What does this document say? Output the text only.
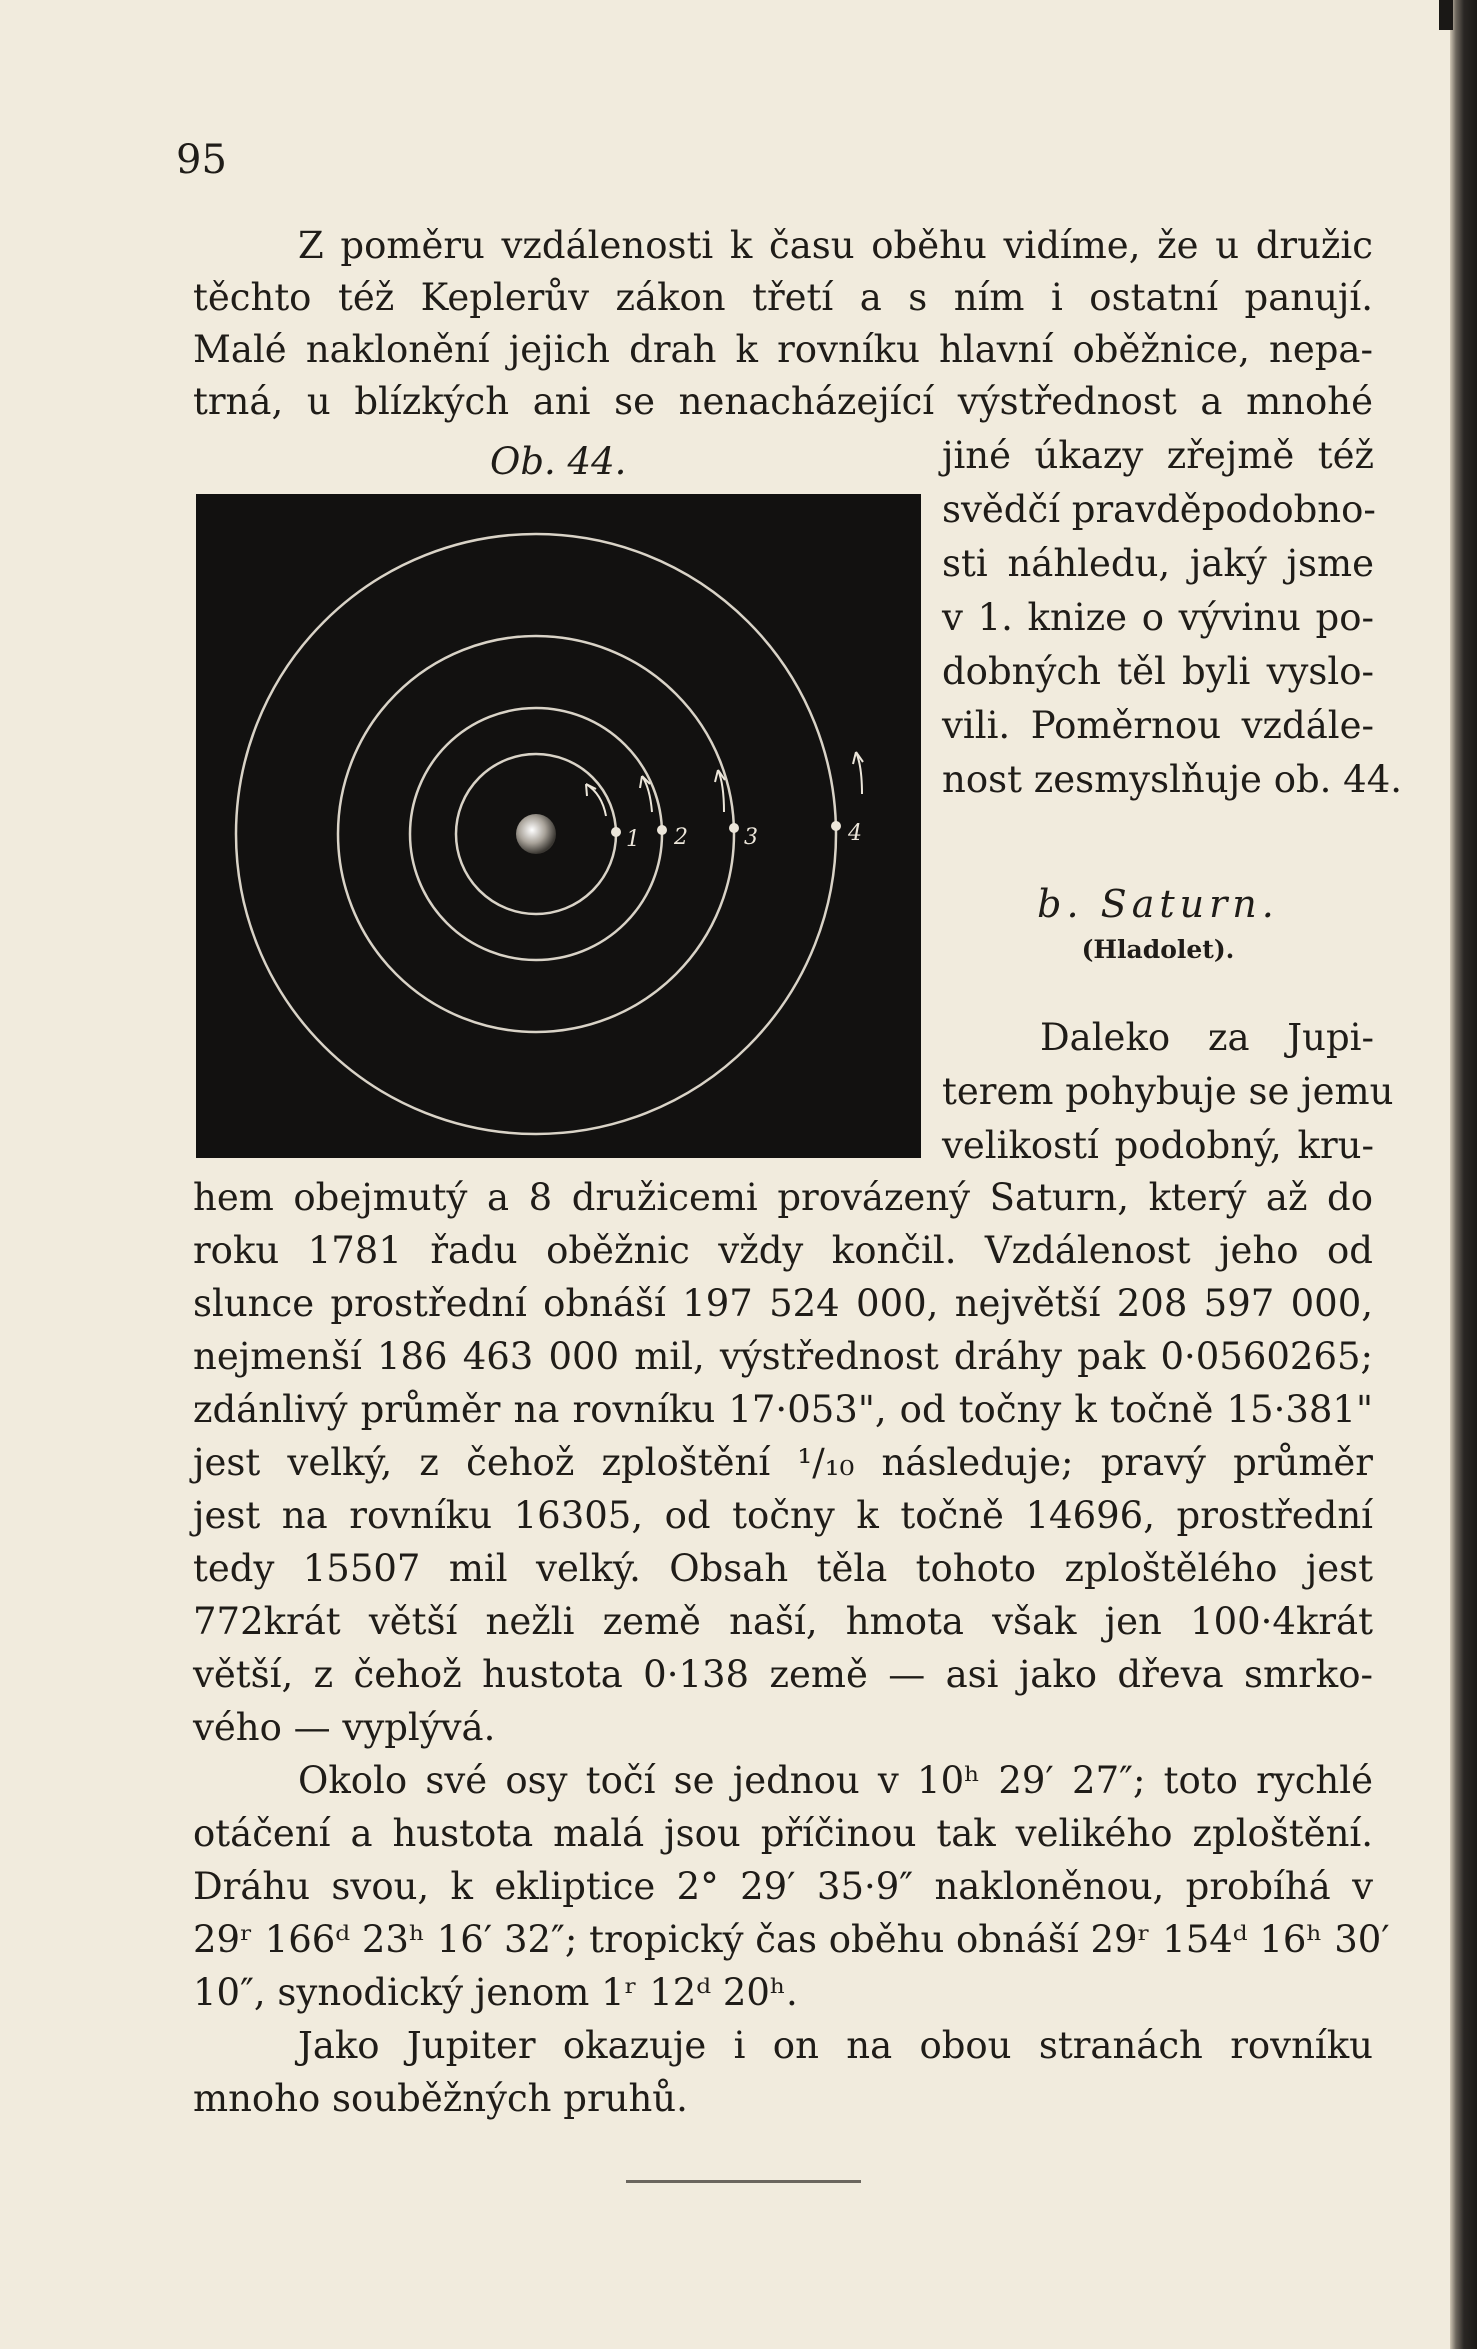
95
Z poměru vzdálenosti k času oběhu vidíme, že u družic
těchto též Keplerův zákon třetí a s ním i ostatní panují.
Malé naklonění jejich drah k rovníku hlavní oběžnice, nepa-
trná, u blízkých ani se nenacházející výstřednost a mnohé
Ob. 44.	jiné úkazy zřejmě též
svědčí pravděpodobno-
sti náhledu, jaký jsme
v 1. knize o vývinu po-
dobných těl byli vyslo-
vili. Poměrnou vzdále-
nost zesmyslňuje ob. 44.
b. Saturn.
(Hladolet).
Daleko za Jupi-
terem pohybuje se jemu
velikostí podobný, kru-
1 2	3	4
hem obejmutý a 8 družicemi provázený Saturn, který až do
roku 1781 řadu oběžnic vždy končil. Vzdálenost jeho od
slunce prostřední obnáší 197 524 000, největší 208 597 000,
nejmenší 186 463 000 mil, výstřednost dráhy pak 0·0560265;
zdánlivý průměr na rovníku 17·053", od točny k točně 15·381"
jest velký, z čehož zploštění ¹/₁₀ následuje; pravý průměr
jest na rovníku 16305, od točny k točně 14696, prostřední
tedy 15507 mil velký. Obsah těla tohoto zploštělého jest
772krát větší nežli země naší, hmota však jen 100·4krát
větší, z čehož hustota 0·138 země — asi jako dřeva smrko-
vého — vyplývá.
Okolo své osy točí se jednou v 10ʰ 29′ 27″; toto rychlé
otáčení a hustota malá jsou příčinou tak velikého zploštění.
Dráhu svou, k ekliptice 2° 29′ 35·9″ nakloněnou, probíhá v
29ʳ 166ᵈ 23ʰ 16′ 32″; tropický čas oběhu obnáší 29ʳ 154ᵈ 16ʰ 30′
10″, synodický jenom 1ʳ 12ᵈ 20ʰ.
Jako Jupiter okazuje i on na obou stranách rovníku
mnoho souběžných pruhů.
